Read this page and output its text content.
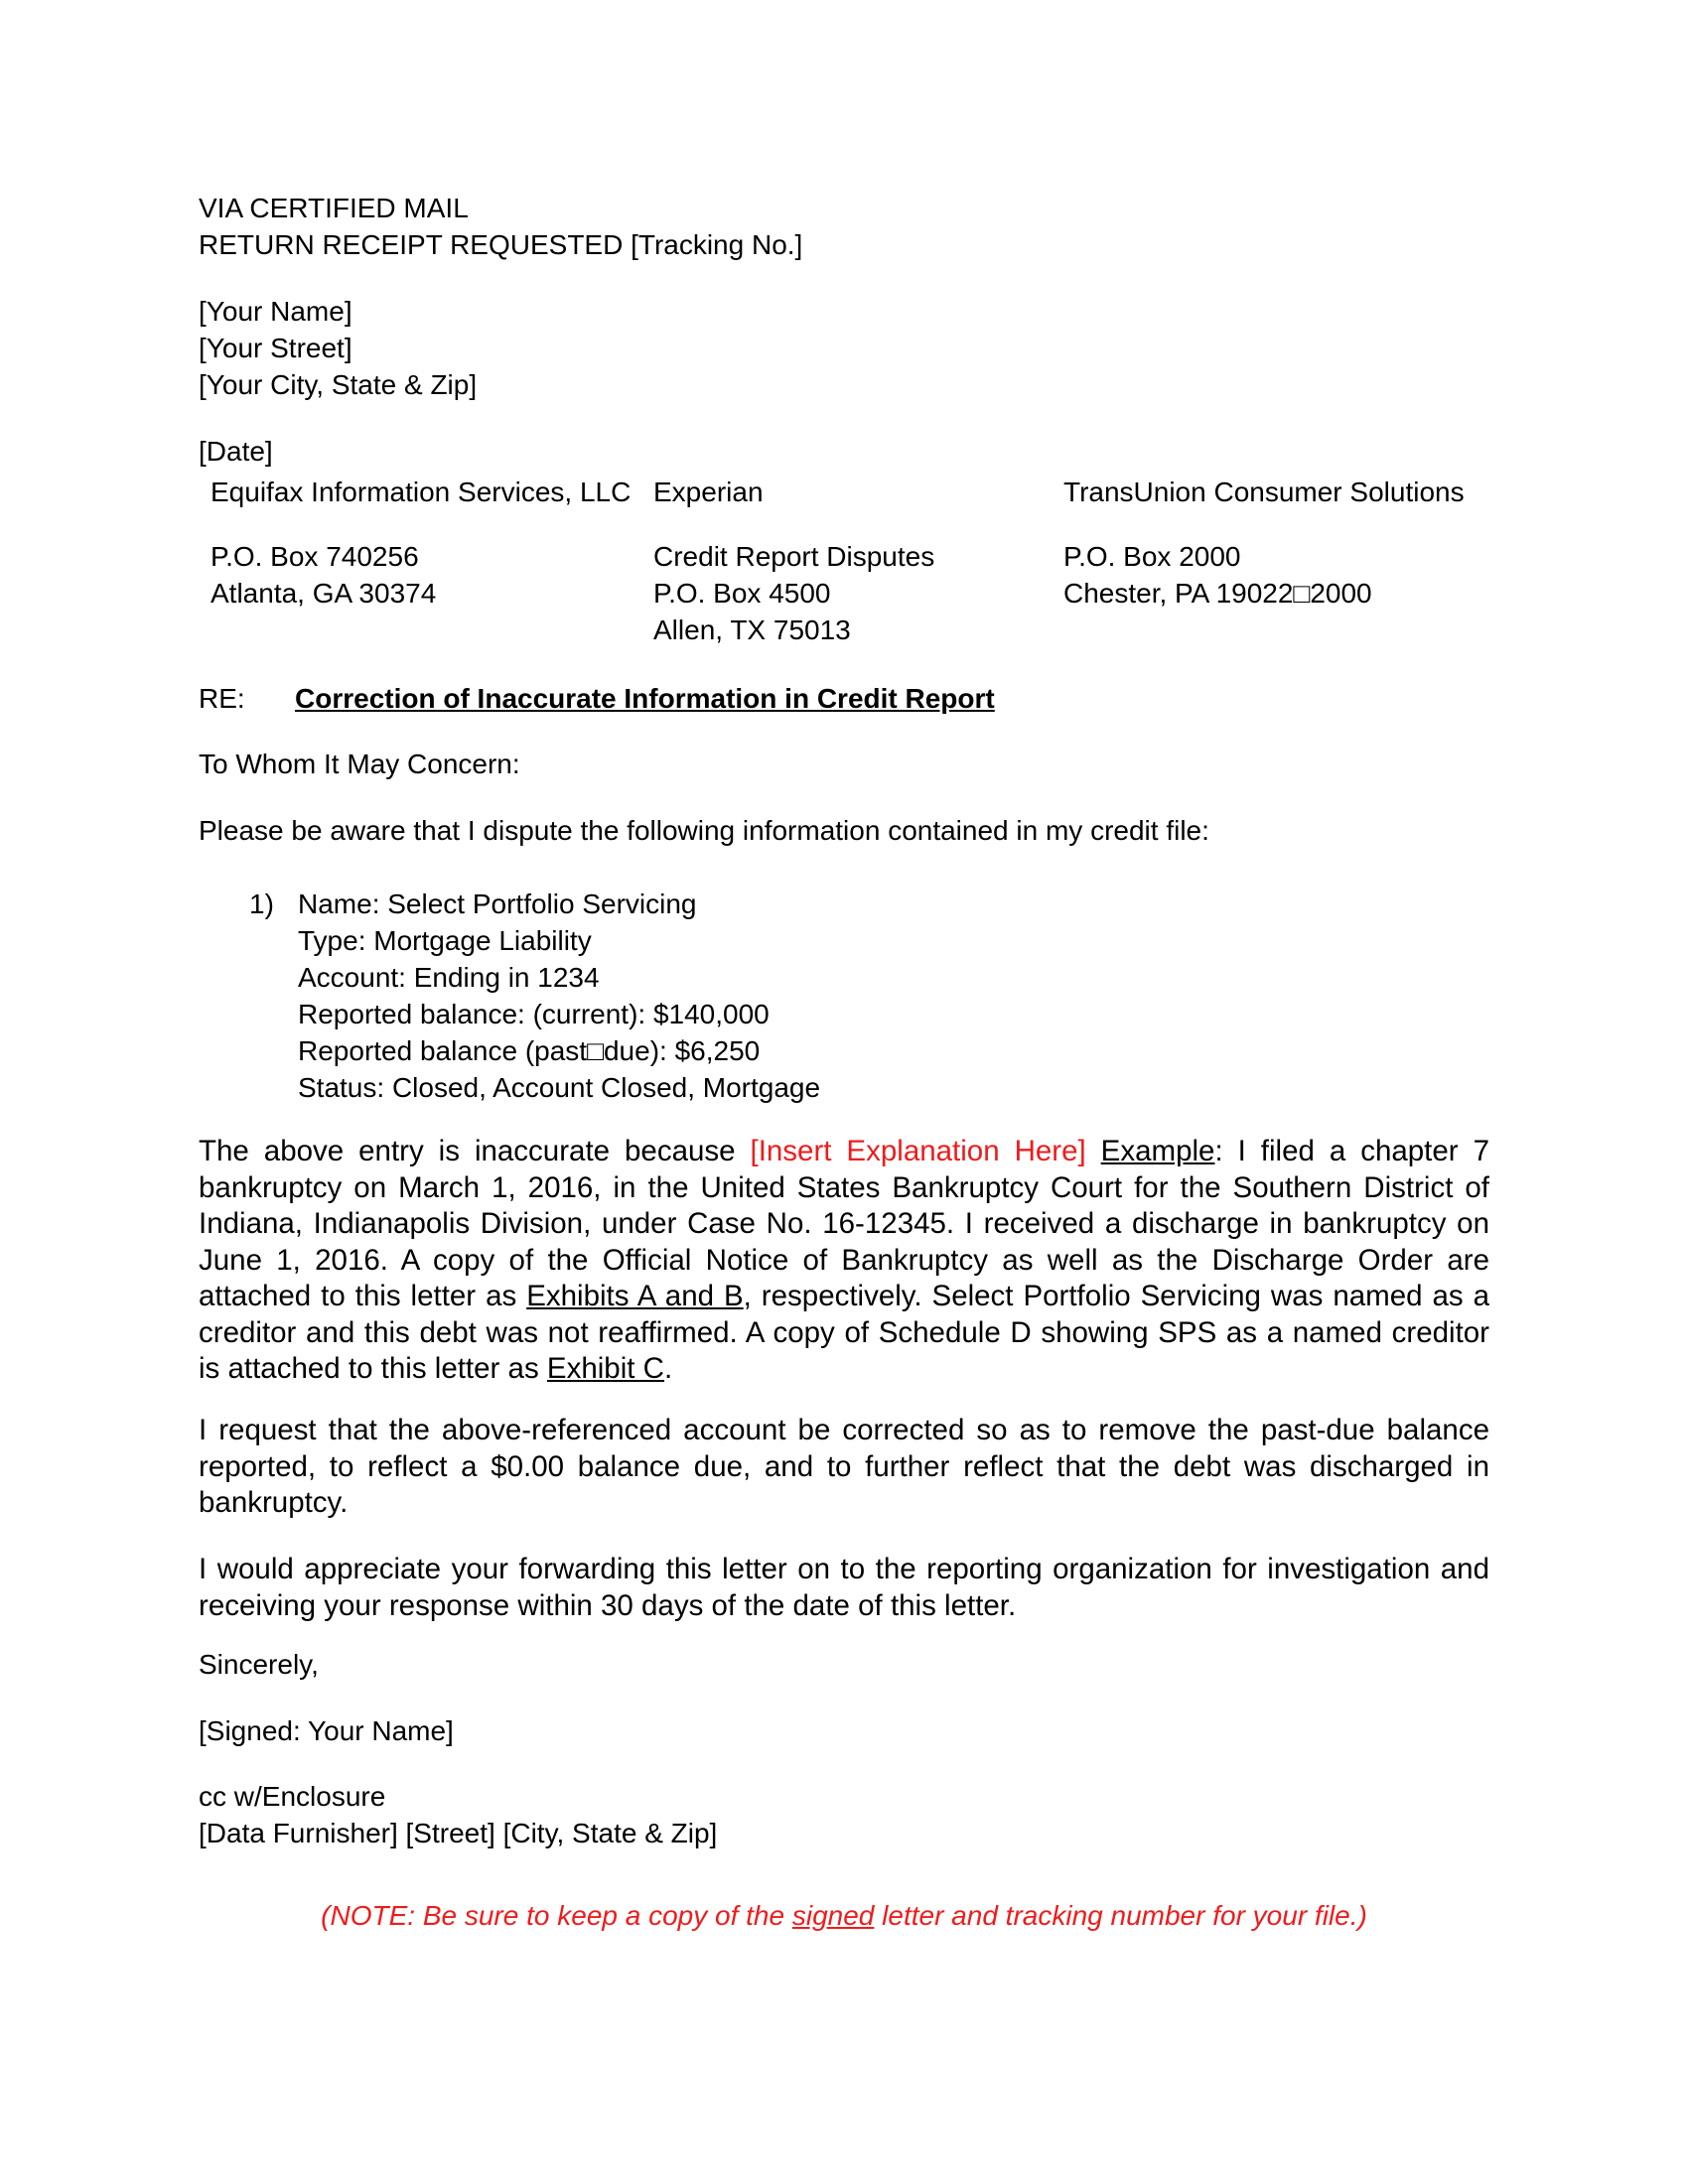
VIA CERTIFIED MAIL
RETURN RECEIPT REQUESTED [Tracking No.]
[Your Name]
[Your Street]
[Your City, State & Zip]
[Date]
Equifax Information Services, LLC
P.O. Box 740256
Atlanta, GA 30374
Experian
Credit Report Disputes
P.O. Box 4500
Allen, TX 75013
TransUnion Consumer Solutions
P.O. Box 2000
Chester, PA 19022□2000
RE: Correction of Inaccurate Information in Credit Report
To Whom It May Concern:
Please be aware that I dispute the following information contained in my credit file:
1) Name: Select Portfolio Servicing
Type: Mortgage Liability
Account: Ending in 1234
Reported balance: (current): $140,000
Reported balance (past□due): $6,250
Status: Closed, Account Closed, Mortgage
The above entry is inaccurate because [Insert Explanation Here] Example: I filed a chapter 7 bankruptcy on March 1, 2016, in the United States Bankruptcy Court for the Southern District of Indiana, Indianapolis Division, under Case No. 16-12345. I received a discharge in bankruptcy on June 1, 2016. A copy of the Official Notice of Bankruptcy as well as the Discharge Order are attached to this letter as Exhibits A and B, respectively. Select Portfolio Servicing was named as a creditor and this debt was not reaffirmed. A copy of Schedule D showing SPS as a named creditor is attached to this letter as Exhibit C.
I request that the above-referenced account be corrected so as to remove the past-due balance reported, to reflect a $0.00 balance due, and to further reflect that the debt was discharged in bankruptcy.
I would appreciate your forwarding this letter on to the reporting organization for investigation and receiving your response within 30 days of the date of this letter.
Sincerely,
[Signed: Your Name]
cc w/Enclosure
[Data Furnisher] [Street] [City, State & Zip]
(NOTE: Be sure to keep a copy of the signed letter and tracking number for your file.)
